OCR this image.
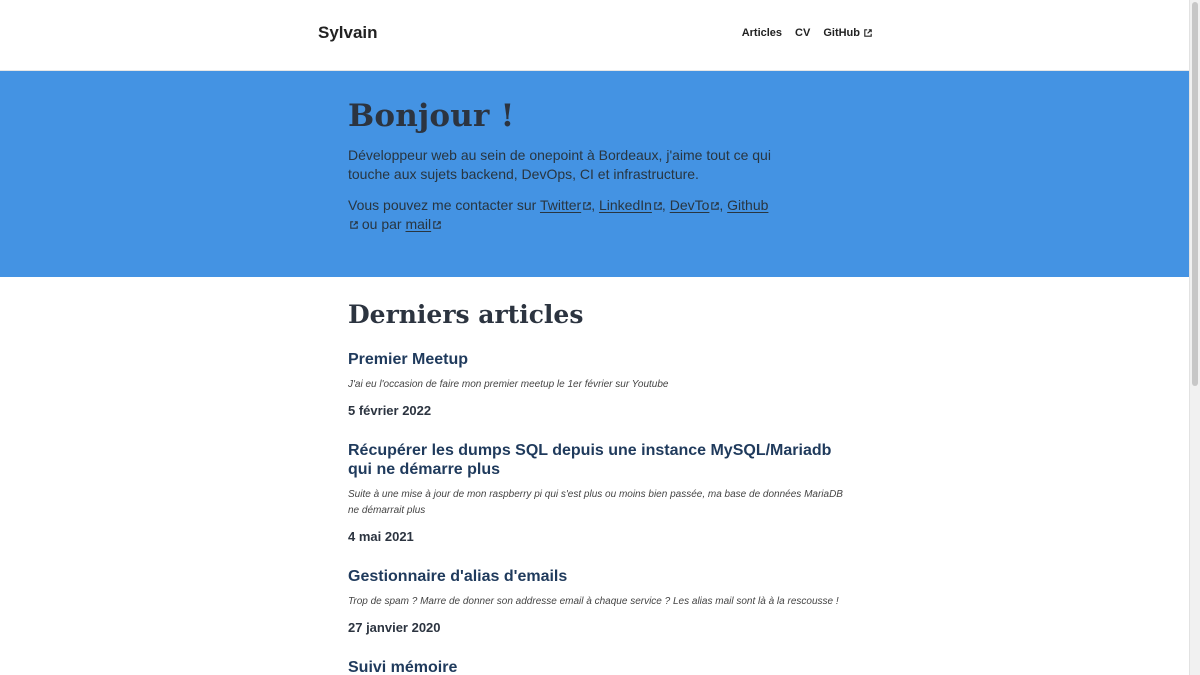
Sylvain	Articles CV GitHub
Bonjour !

Développeur web au sein de onepoint à Bordeaux, j'aime tout ce qui touche aux sujets backend, DevOps, CI et infrastructure.

Vous pouvez me contacter sur Twitter , LinkedIn , DevTo , Github
ou par mail

Derniers articles
Premier Meetup

J'ai eu l'occasion de faire mon premier meetup le 1er février sur Youtube

5 février 2022

Récupérer les dumps SQL depuis une instance MySQL/Mariadb qui ne démarre plus

Suite à une mise à jour de mon raspberry pi qui s'est plus ou moins bien passée, ma base de données MariaDB ne démarrait plus

4 mai 2021

Gestionnaire d'alias d'emails

Trop de spam ? Marre de donner son addresse email à chaque service ? Les alias mail sont là à la rescousse !

27 janvier 2020

Suivi mémoire
